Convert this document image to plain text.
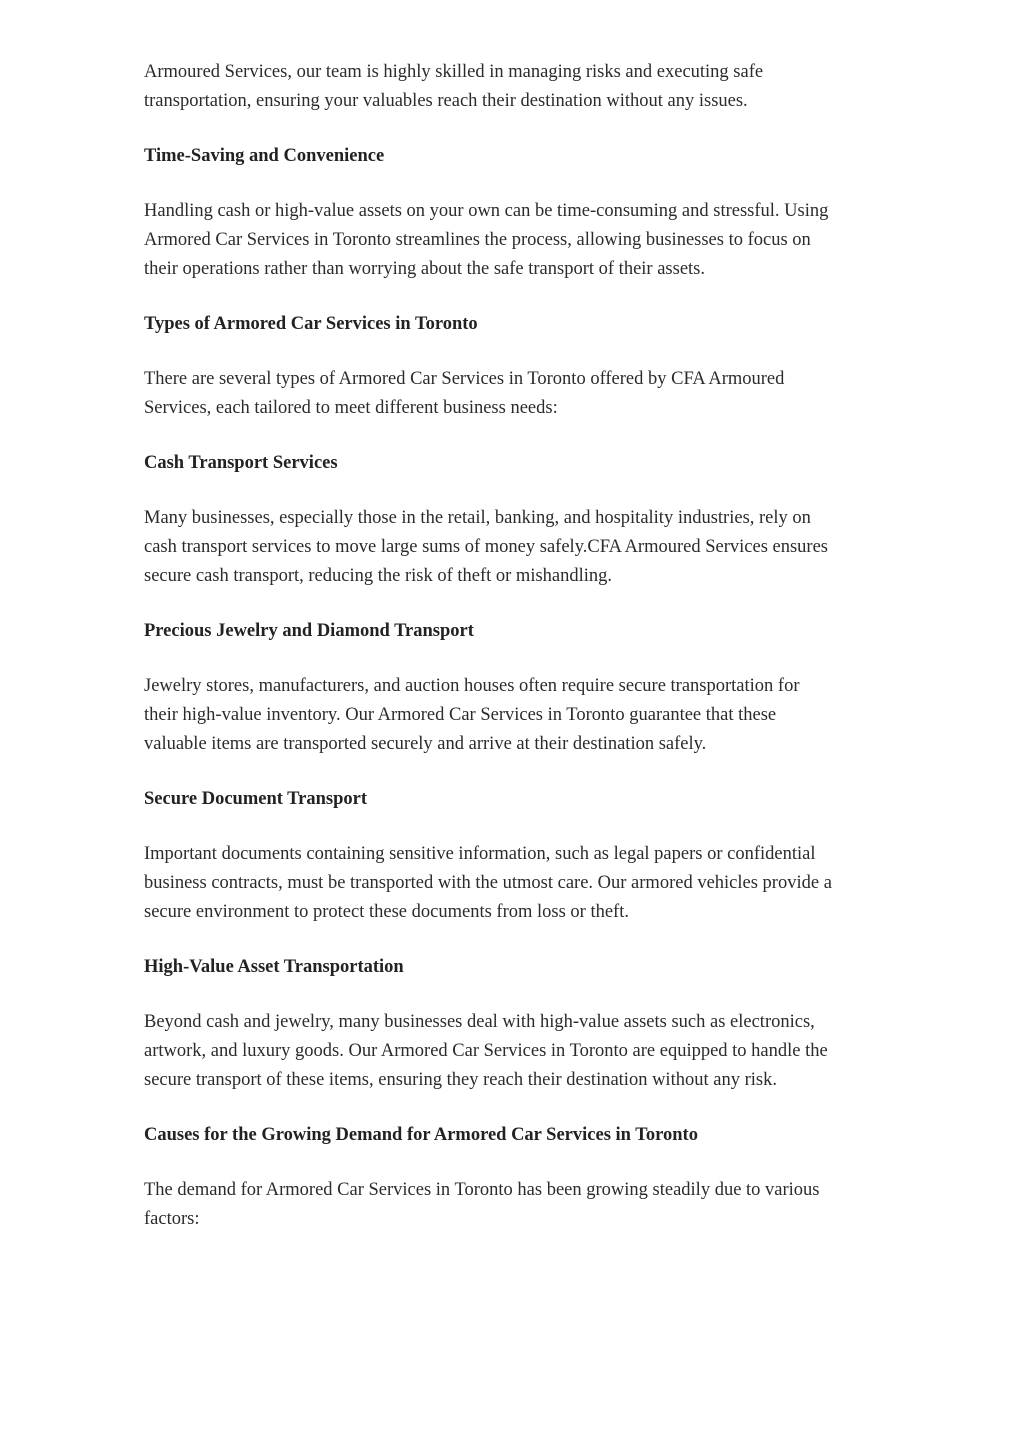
Armoured Services, our team is highly skilled in managing risks and executing safe transportation, ensuring your valuables reach their destination without any issues.

Time-Saving and Convenience

Handling cash or high-value assets on your own can be time-consuming and stressful. Using Armored Car Services in Toronto streamlines the process, allowing businesses to focus on their operations rather than worrying about the safe transport of their assets.

Types of Armored Car Services in Toronto

There are several types of Armored Car Services in Toronto offered by CFA Armoured Services, each tailored to meet different business needs:

Cash Transport Services

Many businesses, especially those in the retail, banking, and hospitality industries, rely on cash transport services to move large sums of money safely.CFA Armoured Services ensures secure cash transport, reducing the risk of theft or mishandling.

Precious Jewelry and Diamond Transport

Jewelry stores, manufacturers, and auction houses often require secure transportation for their high-value inventory. Our Armored Car Services in Toronto guarantee that these valuable items are transported securely and arrive at their destination safely.

Secure Document Transport

Important documents containing sensitive information, such as legal papers or confidential business contracts, must be transported with the utmost care. Our armored vehicles provide a secure environment to protect these documents from loss or theft.

High-Value Asset Transportation

Beyond cash and jewelry, many businesses deal with high-value assets such as electronics, artwork, and luxury goods. Our Armored Car Services in Toronto are equipped to handle the secure transport of these items, ensuring they reach their destination without any risk.

Causes for the Growing Demand for Armored Car Services in Toronto

The demand for Armored Car Services in Toronto has been growing steadily due to various factors:
